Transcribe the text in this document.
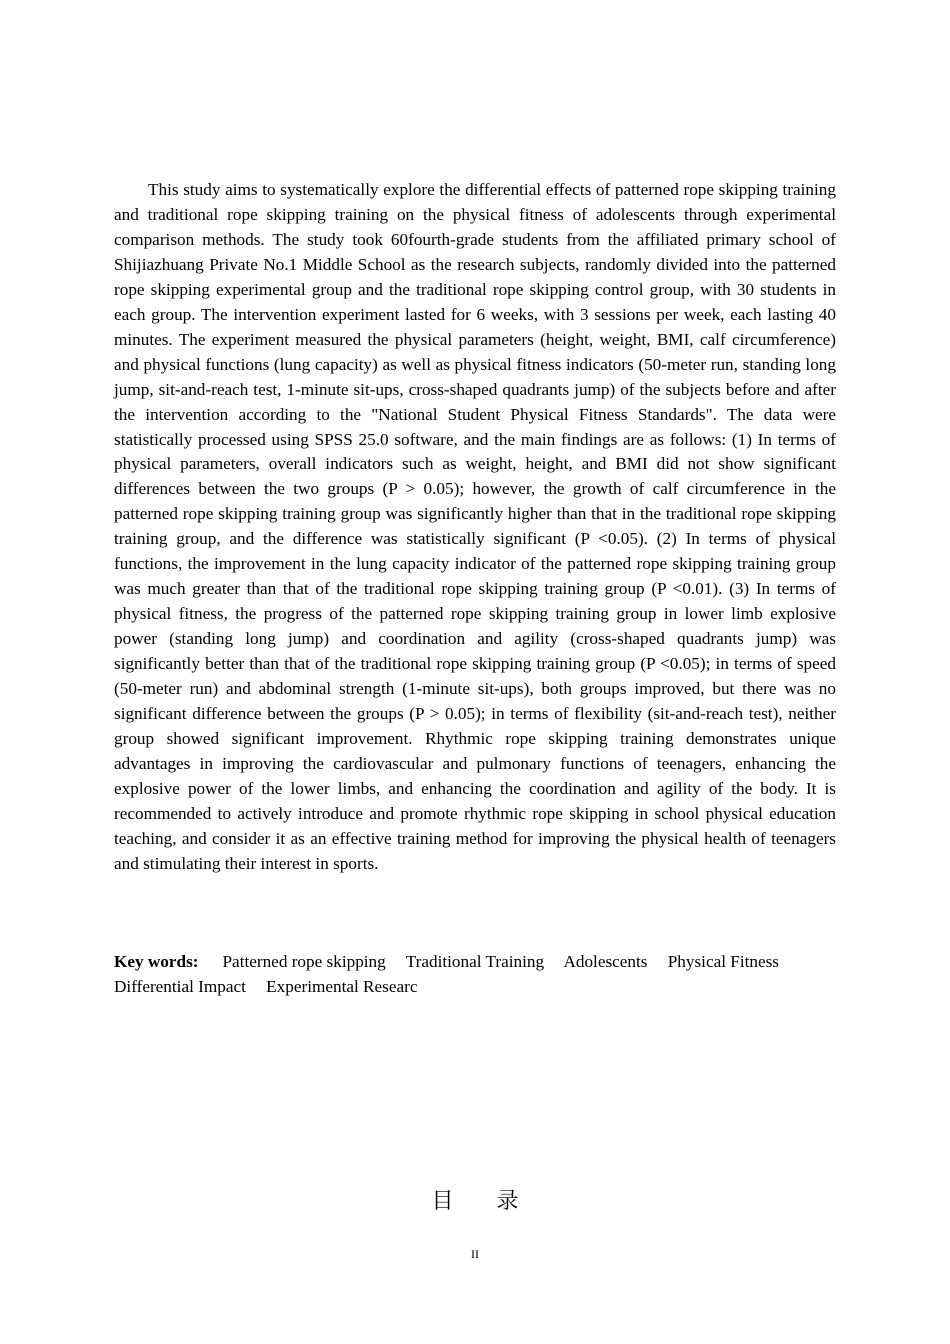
This study aims to systematically explore the differential effects of patterned rope skipping training and traditional rope skipping training on the physical fitness of adolescents through experimental comparison methods. The study took 60fourth-grade students from the affiliated primary school of Shijiazhuang Private No.1 Middle School as the research subjects, randomly divided into the patterned rope skipping experimental group and the traditional rope skipping control group, with 30 students in each group. The intervention experiment lasted for 6 weeks, with 3 sessions per week, each lasting 40 minutes. The experiment measured the physical parameters (height, weight, BMI, calf circumference) and physical functions (lung capacity) as well as physical fitness indicators (50-meter run, standing long jump, sit-and-reach test, 1-minute sit-ups, cross-shaped quadrants jump) of the subjects before and after the intervention according to the "National Student Physical Fitness Standards". The data were statistically processed using SPSS 25.0 software, and the main findings are as follows: (1) In terms of physical parameters, overall indicators such as weight, height, and BMI did not show significant differences between the two groups (P > 0.05); however, the growth of calf circumference in the patterned rope skipping training group was significantly higher than that in the traditional rope skipping training group, and the difference was statistically significant (P <0.05). (2) In terms of physical functions, the improvement in the lung capacity indicator of the patterned rope skipping training group was much greater than that of the traditional rope skipping training group (P <0.01). (3) In terms of physical fitness, the progress of the patterned rope skipping training group in lower limb explosive power (standing long jump) and coordination and agility (cross-shaped quadrants jump) was significantly better than that of the traditional rope skipping training group (P <0.05); in terms of speed (50-meter run) and abdominal strength (1-minute sit-ups), both groups improved, but there was no significant difference between the groups (P > 0.05); in terms of flexibility (sit-and-reach test), neither group showed significant improvement. Rhythmic rope skipping training demonstrates unique advantages in improving the cardiovascular and pulmonary functions of teenagers, enhancing the explosive power of the lower limbs, and enhancing the coordination and agility of the body. It is recommended to actively introduce and promote rhythmic rope skipping in school physical education teaching, and consider it as an effective training method for improving the physical health of teenagers and stimulating their interest in sports.

Key words: Patterned rope skipping Traditional Training Adolescents Physical Fitness Differential Impact Experimental Researc

目 录
II
